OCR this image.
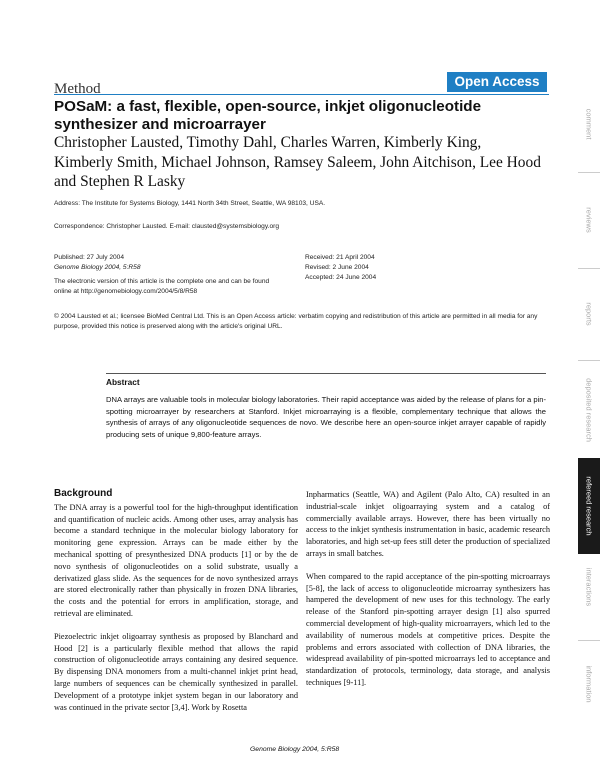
Method	Open Access
POSaM: a fast, flexible, open-source, inkjet oligonucleotide synthesizer and microarrayer
Christopher Lausted, Timothy Dahl, Charles Warren, Kimberly King, Kimberly Smith, Michael Johnson, Ramsey Saleem, John Aitchison, Lee Hood and Stephen R Lasky
Address: The Institute for Systems Biology, 1441 North 34th Street, Seattle, WA 98103, USA.
Correspondence: Christopher Lausted. E-mail: clausted@systemsbiology.org
Published: 27 July 2004
Genome Biology 2004, 5:R58
The electronic version of this article is the complete one and can be found online at http://genomebiology.com/2004/5/8/R58
Received: 21 April 2004
Revised: 2 June 2004
Accepted: 24 June 2004
© 2004 Lausted et al.; licensee BioMed Central Ltd. This is an Open Access article: verbatim copying and redistribution of this article are permitted in all media for any purpose, provided this notice is preserved along with the article's original URL.
Abstract

DNA arrays are valuable tools in molecular biology laboratories. Their rapid acceptance was aided by the release of plans for a pin-spotting microarrayer by researchers at Stanford. Inkjet microarraying is a flexible, complementary technique that allows the synthesis of arrays of any oligonucleotide sequences de novo. We describe here an open-source inkjet arrayer capable of rapidly producing sets of unique 9,800-feature arrays.

Background

The DNA array is a powerful tool for the high-throughput identification and quantification of nucleic acids. Among other uses, array analysis has become a standard technique in the molecular biology laboratory for monitoring gene expression. Arrays can be made either by the mechanical spotting of presynthesized DNA products [1] or by the de novo synthesis of oligonucleotides on a solid substrate, usually a derivatized glass slide. As the sequences for de novo synthesized arrays are stored electronically rather than physically in frozen DNA libraries, the costs and the potential for errors in amplification, storage, and retrieval are eliminated.

Piezoelectric inkjet oligoarray synthesis as proposed by Blanchard and Hood [2] is a particularly flexible method that allows the rapid construction of oligonucleotide arrays containing any desired sequence. By dispensing DNA monomers from a multi-channel inkjet print head, large numbers of sequences can be chemically synthesized in parallel. Development of a prototype inkjet system began in our laboratory and was continued in the private sector [3,4]. Work by Rosetta

Inpharmatics (Seattle, WA) and Agilent (Palo Alto, CA) resulted in an industrial-scale inkjet oligoarraying system and a catalog of commercially available arrays. However, there has been virtually no access to the inkjet synthesis instrumentation in basic, academic research laboratories, and high set-up fees still deter the production of specialized arrays in small batches.

When compared to the rapid acceptance of the pin-spotting microarrays [5-8], the lack of access to oligonucleotide microarray synthesizers has hampered the development of new uses for this technology. The early release of the Stanford pin-spotting arrayer design [1] also spurred commercial development of high-quality microarrayers, which led to the availability of numerous models at competitive prices. Despite the problems and errors associated with collection of DNA libraries, the widespread availability of pin-spotted microarrays led to acceptance and standardization of protocols, terminology, data storage, and analysis techniques [9-11].

Genome Biology 2004, 5:R58
comment
reviews
reports
deposited research
refereed research
interactions
information
